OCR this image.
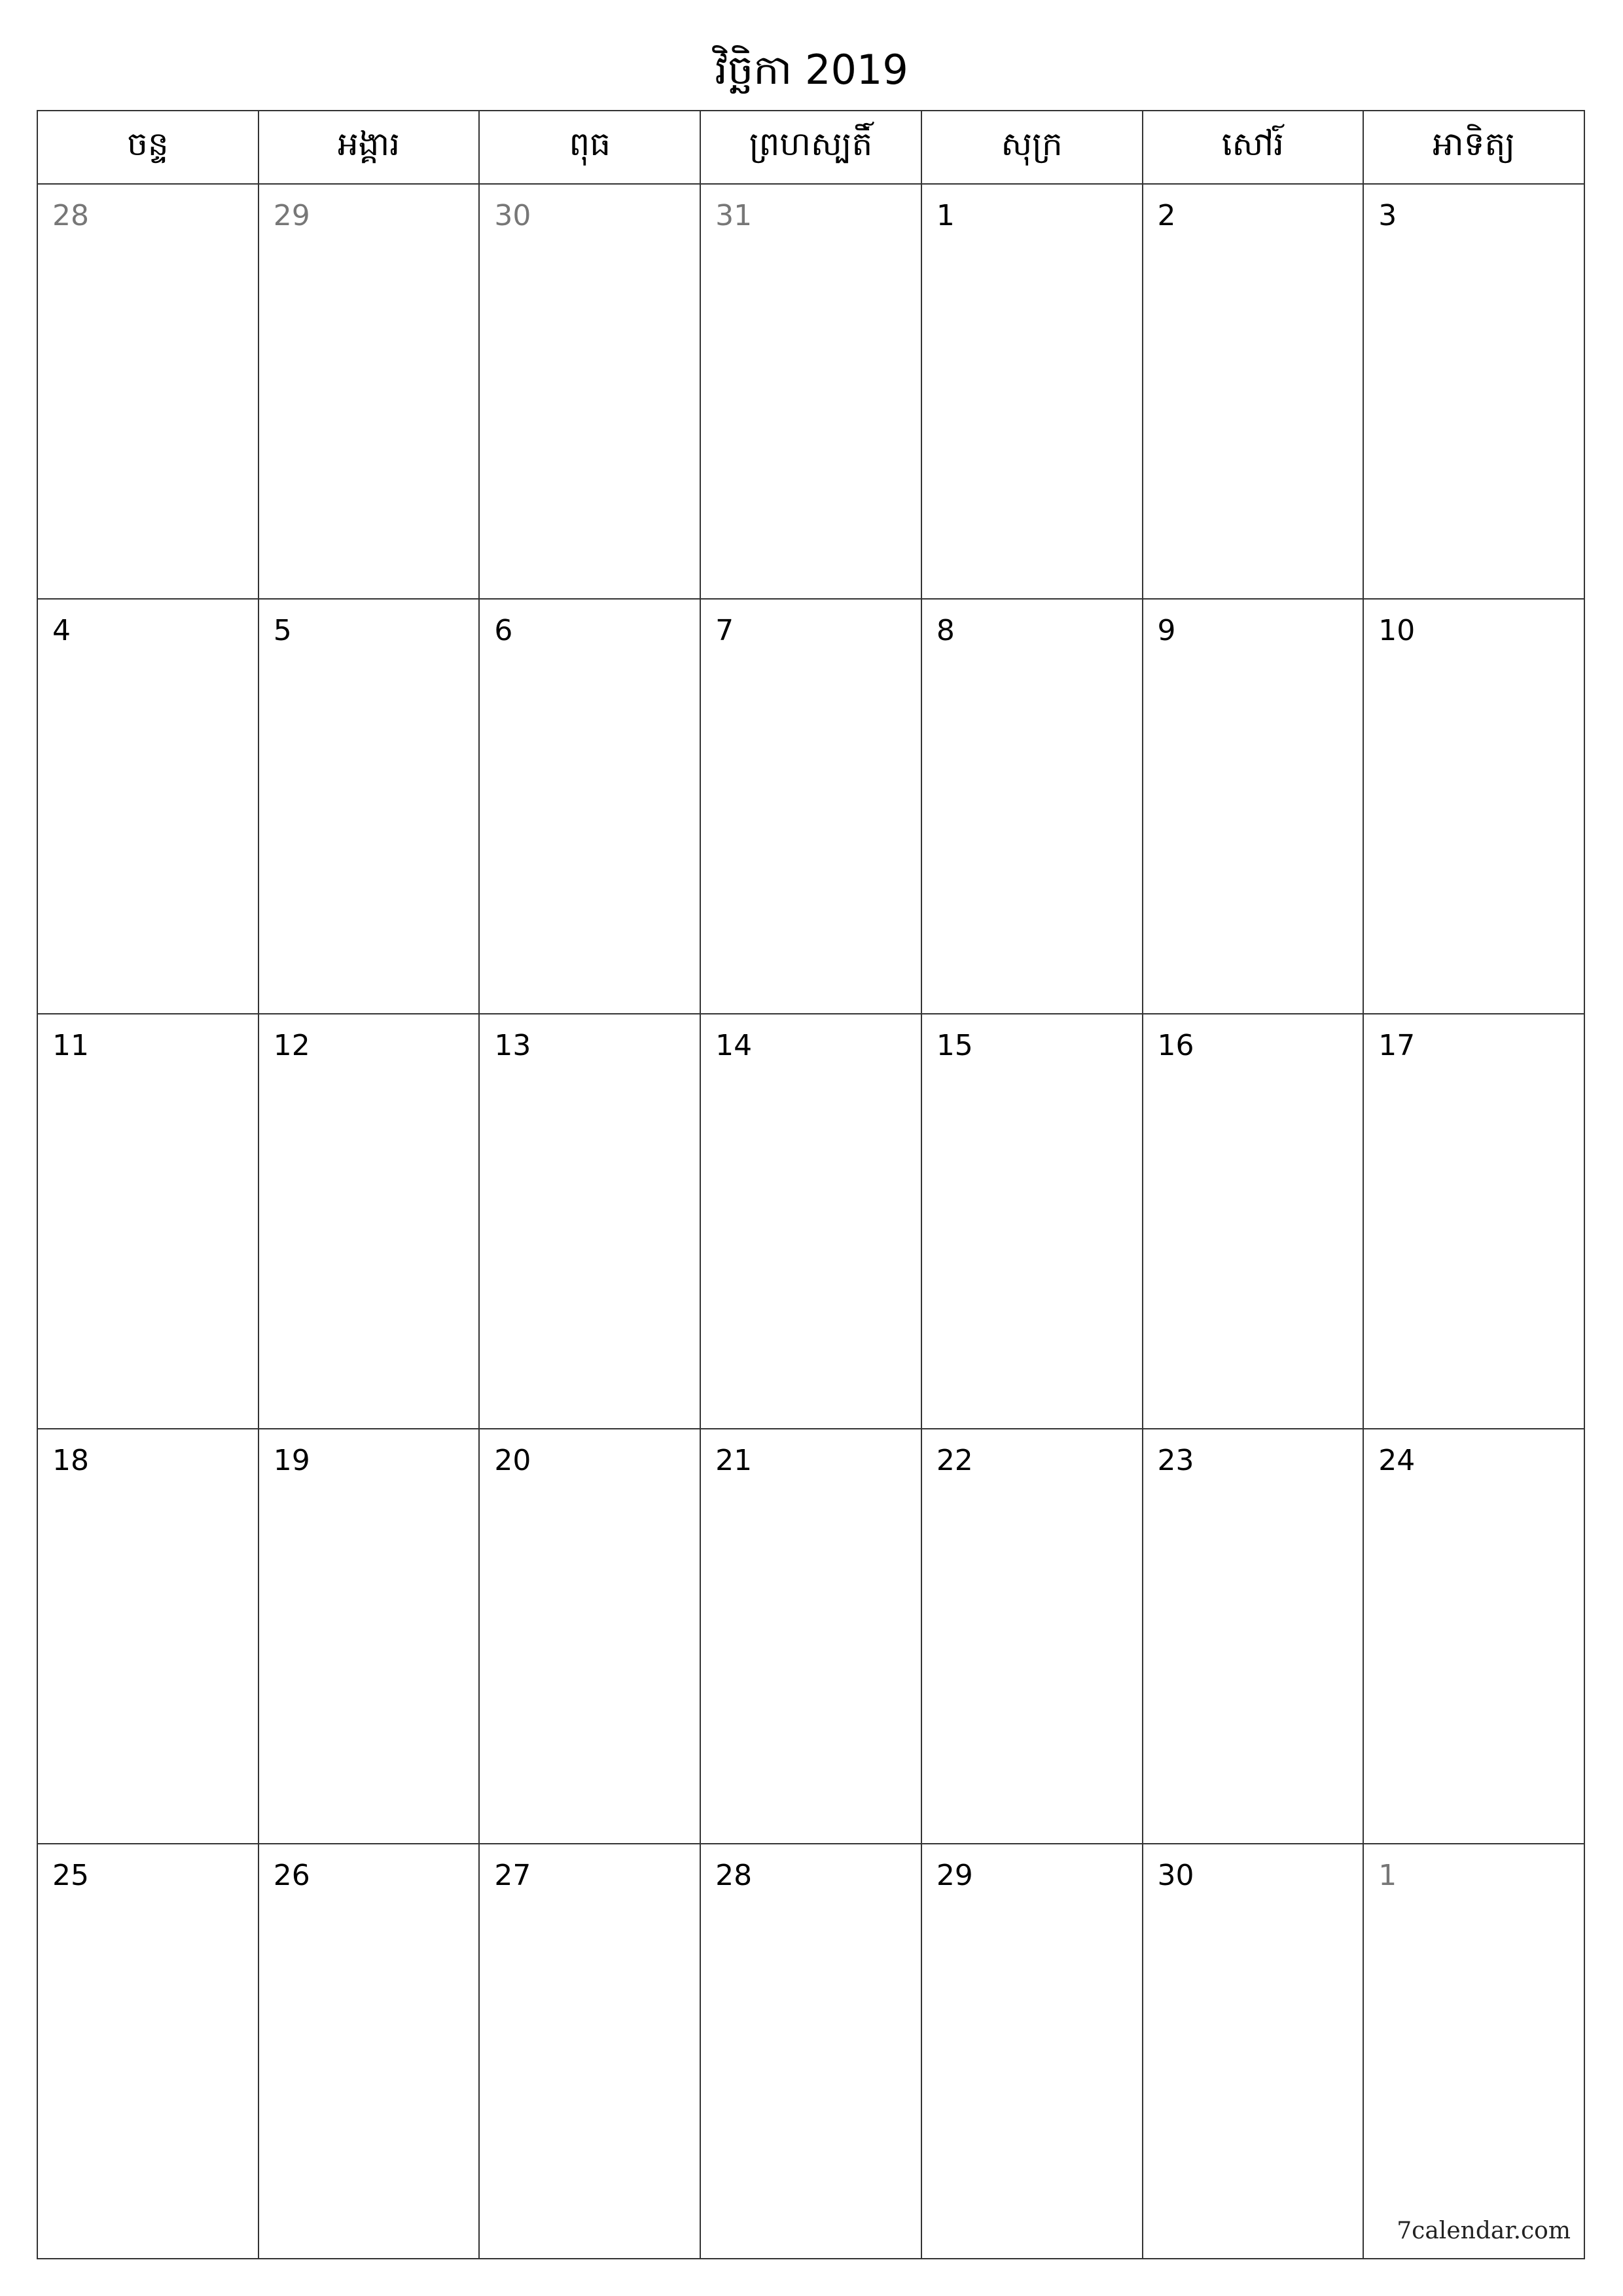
វិច្ឆិកា 2019
ចន្ទ	អង្គារ	ពុធ	ព្រហស្បតិ៍	សុក្រ	សៅរ៍	អាទិត្យ

28	29	30	31	1	2	3

4	5	6	7	8	9	10

11	12	13	14	15	16	17

18	19	20	21	22	23	24

25	26	27	28	29	30	1
7calendar.com
